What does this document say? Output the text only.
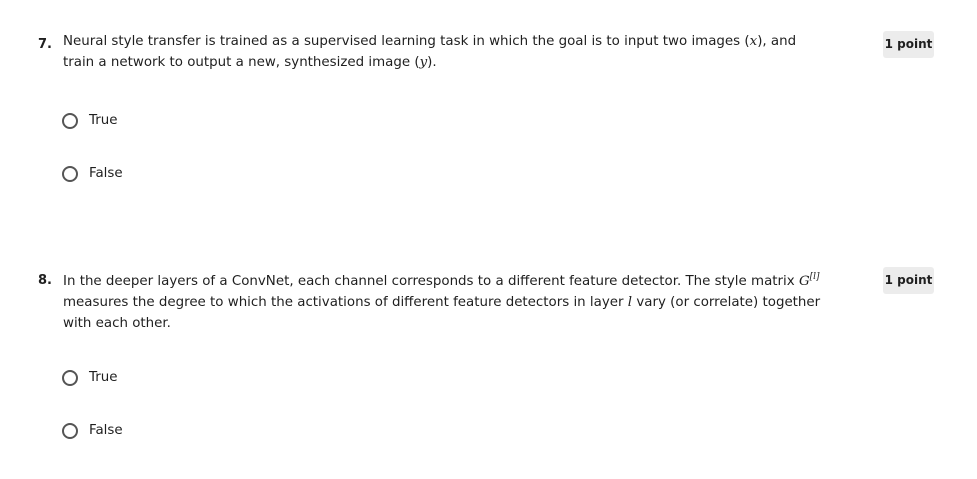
7. Neural style transfer is trained as a supervised learning task in which the goal is to input two images (x), and train a network to output a new, synthesized image (y).
1 point
True
False
8. In the deeper layers of a ConvNet, each channel corresponds to a different feature detector. The style matrix G[l] measures the degree to which the activations of different feature detectors in layer l vary (or correlate) together with each other.
1 point
True
False
